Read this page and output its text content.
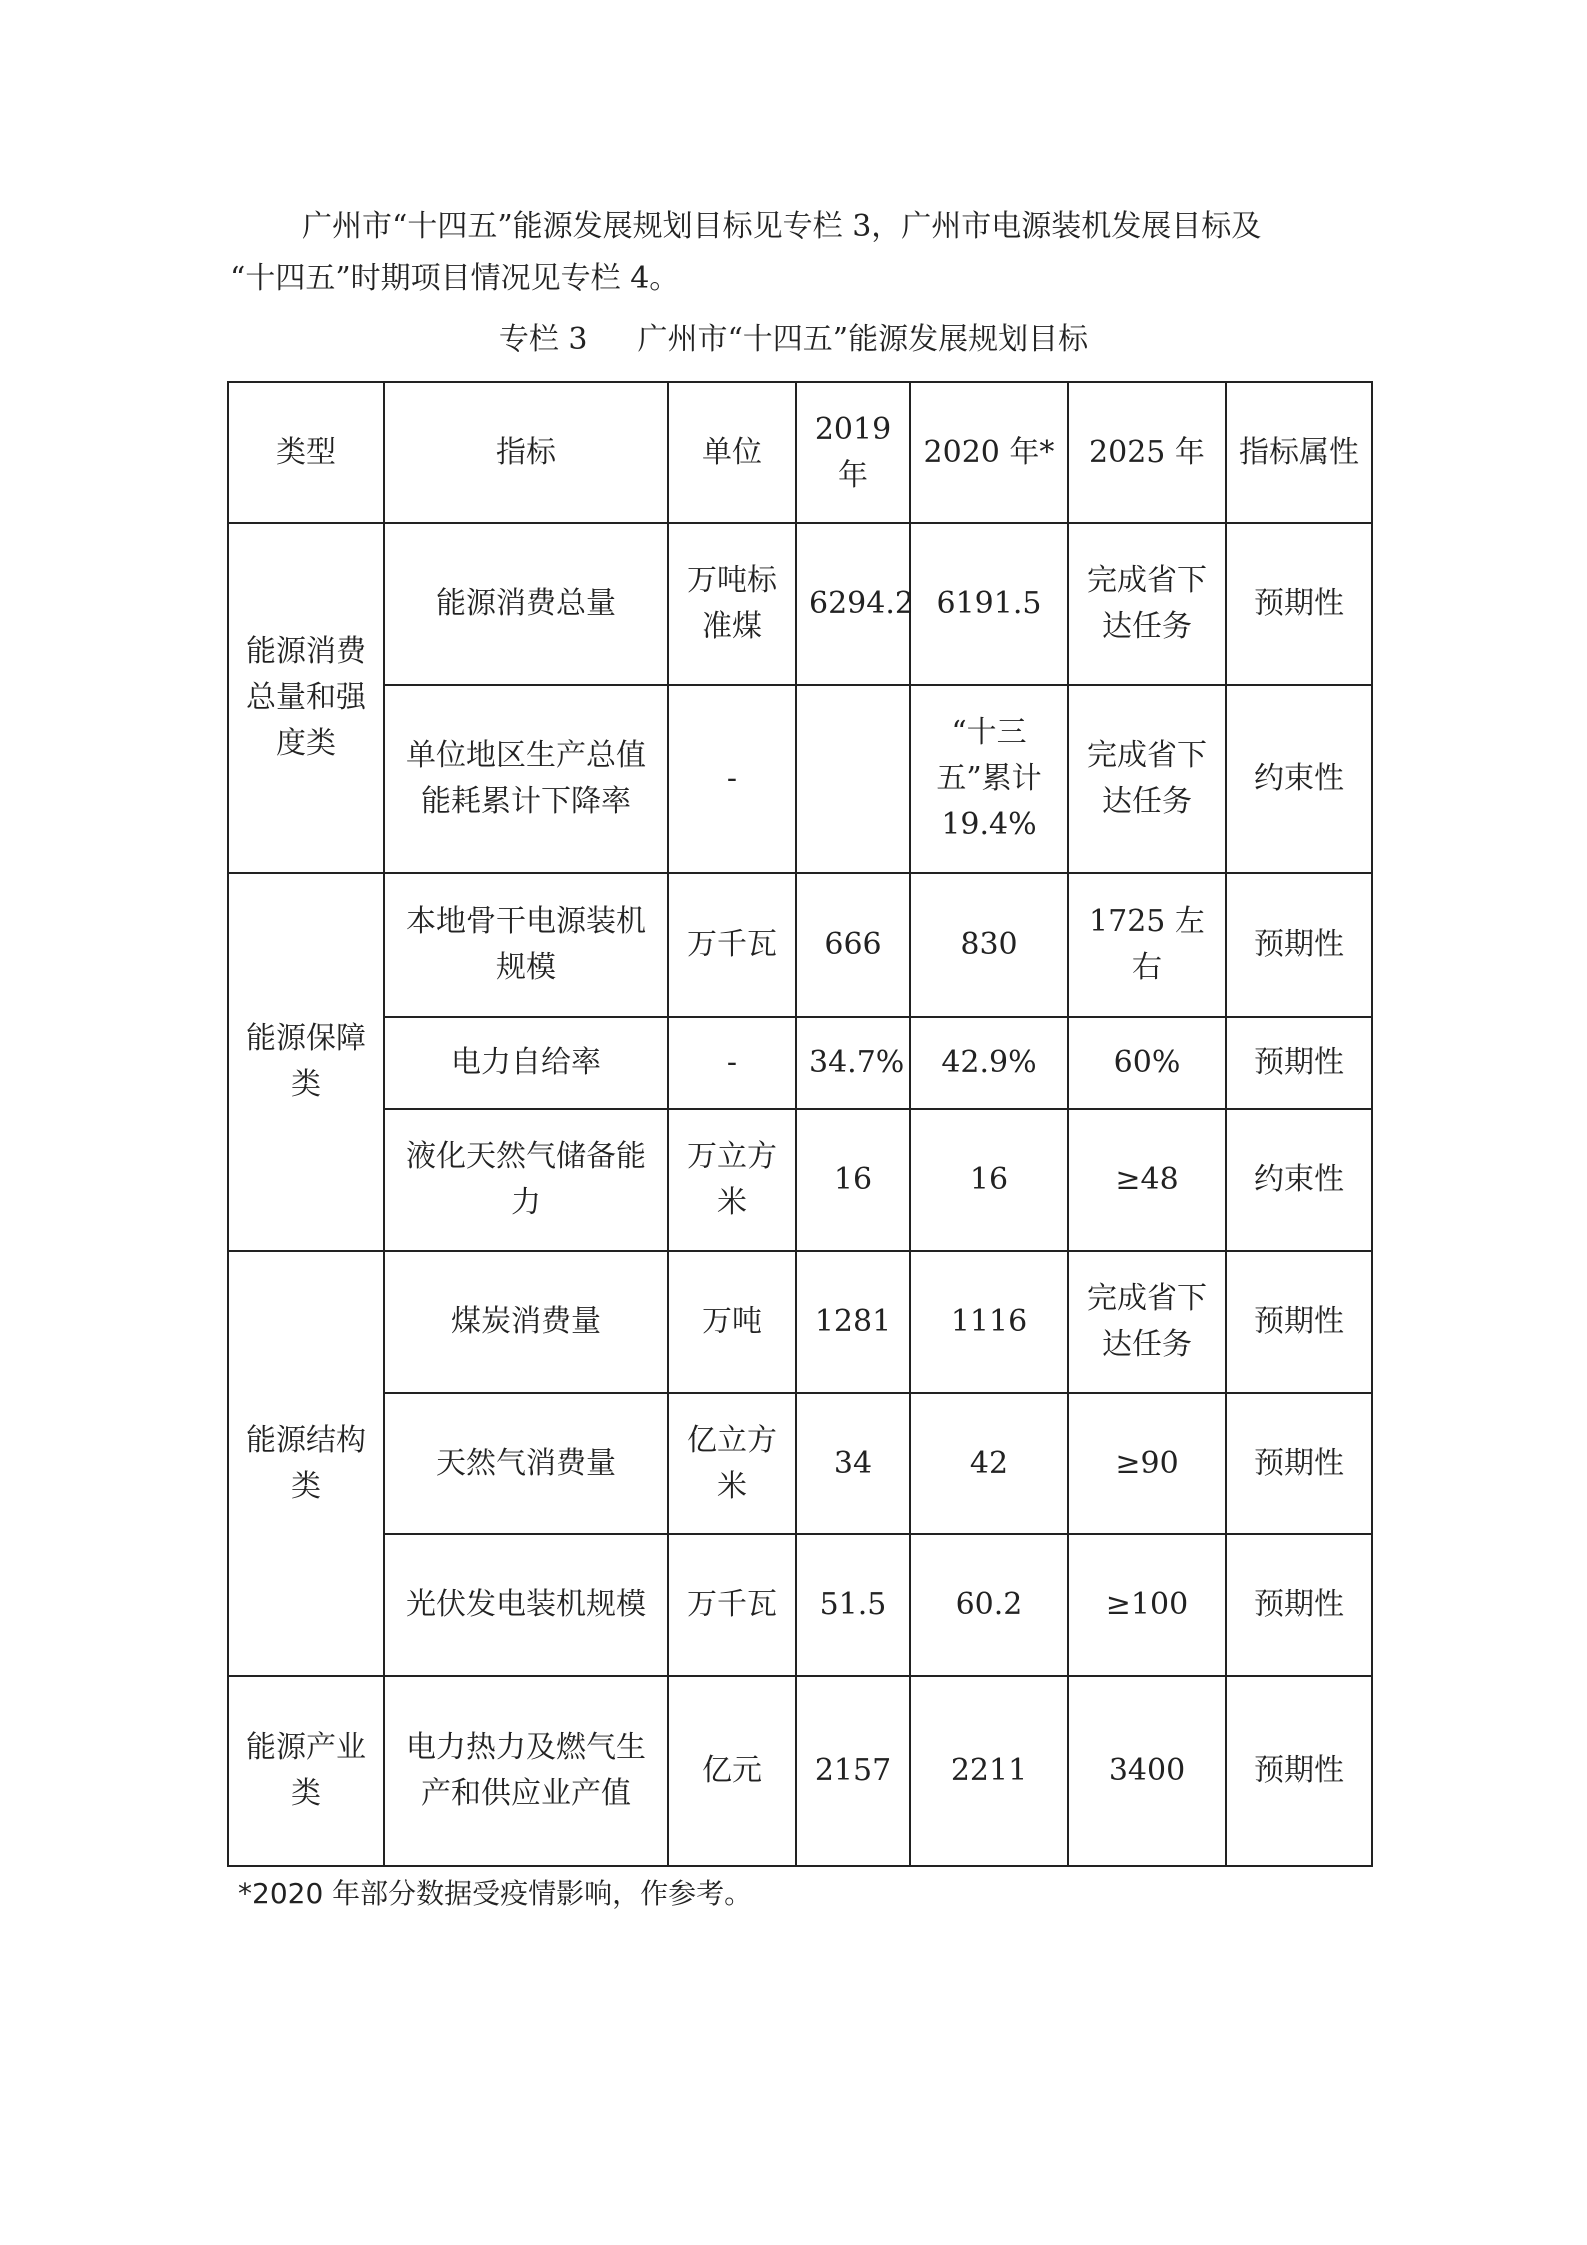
广州市“十四五”能源发展规划目标见专栏 3，广州市电源装机发展目标及

“十四五”时期项目情况见专栏 4。

专栏 3 广州市“十四五”能源发展规划目标
类型	指标	单位	2019 年	2020 年*	2025 年	指标属性
能源消费总量和强度类	能源消费总量	万吨标准煤	6294.2	6191.5	完成省下达任务	预期性
	单位地区生产总值能耗累计下降率	-		“十三五”累计19.4%	完成省下达任务	约束性
能源保障类	本地骨干电源装机规模	万千瓦	666	830	1725 左右	预期性
	电力自给率	-	34.7%	42.9%	60%	预期性
	液化天然气储备能力	万立方米	16	16	≥48	约束性
能源结构类	煤炭消费量	万吨	1281	1116	完成省下达任务	预期性
	天然气消费量	亿立方米	34	42	≥90	预期性
	光伏发电装机规模	万千瓦	51.5	60.2	≥100	预期性
能源产业类	电力热力及燃气生产和供应业产值	亿元	2157	2211	3400	预期性
*2020 年部分数据受疫情影响，作参考。
